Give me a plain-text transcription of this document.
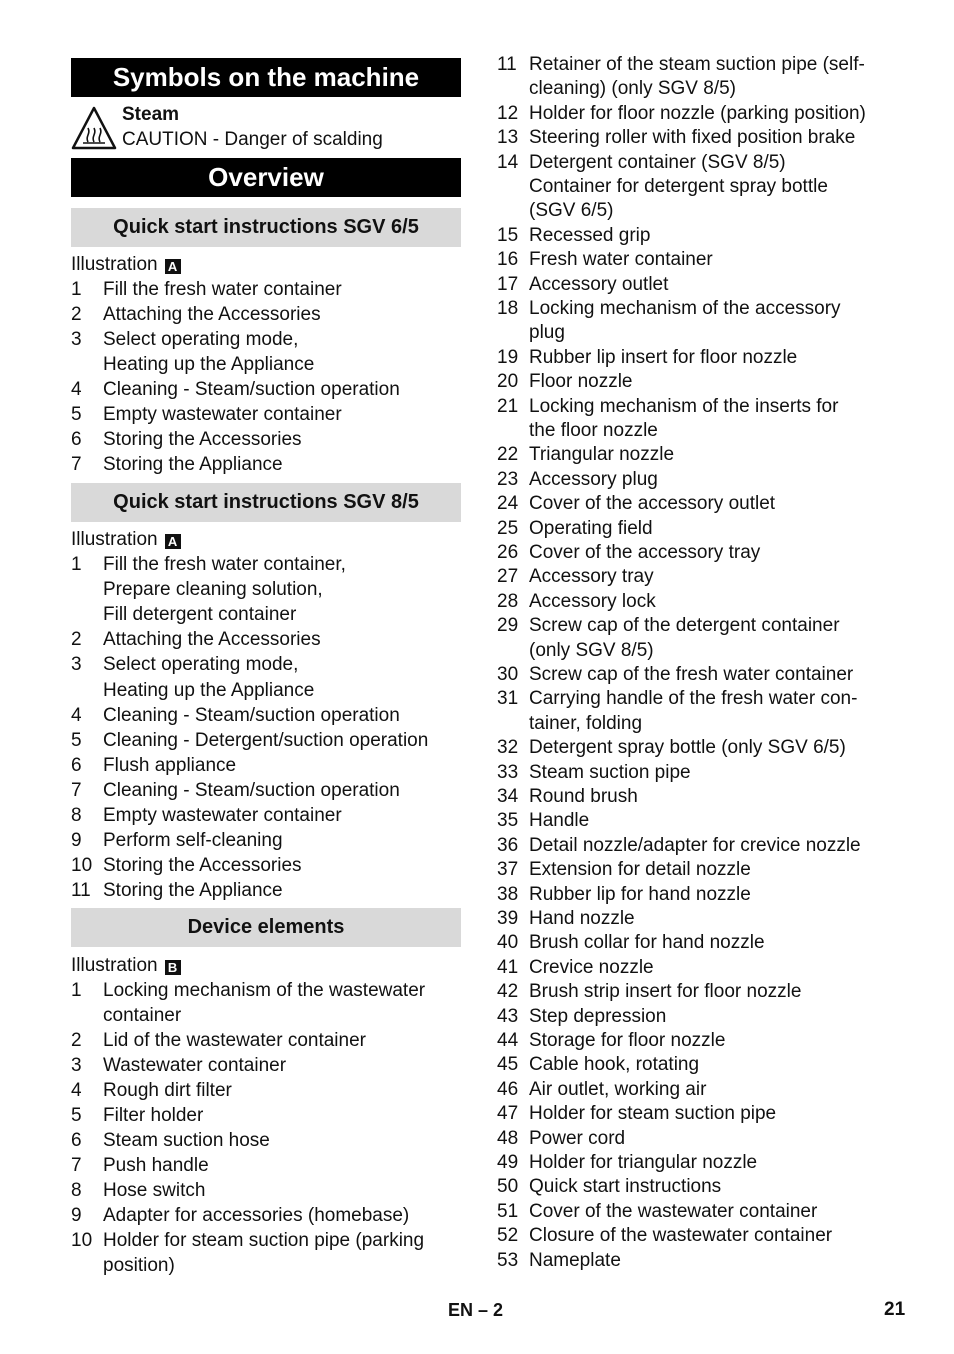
Symbols on the machine
Steam
CAUTION - Danger of scalding
Overview
Quick start instructions SGV 6/5
Illustration A
1	Fill the fresh water container
2	Attaching the Accessories
3	Select operating mode,
Heating up the Appliance
4	Cleaning - Steam/suction operation
5	Empty wastewater container
6	Storing the Accessories
7	Storing the Appliance
Quick start instructions SGV 8/5
Illustration A
1	Fill the fresh water container,
Prepare cleaning solution,
Fill detergent container
2	Attaching the Accessories
3	Select operating mode,
Heating up the Appliance
4	Cleaning - Steam/suction operation
5	Cleaning - Detergent/suction operation
6	Flush appliance
7	Cleaning - Steam/suction operation
8	Empty wastewater container
9	Perform self-cleaning
10 Storing the Accessories
11 Storing the Appliance
Device elements
Illustration B
1	Locking mechanism of the wastewater
container
2	Lid of the wastewater container
3	Wastewater container
4	Rough dirt filter
5	Filter holder
6	Steam suction hose
7	Push handle
8	Hose switch
9	Adapter for accessories (homebase)
10 Holder for steam suction pipe (parking
position)
11 Retainer of the steam suction pipe (self-
cleaning) (only SGV 8/5)
12 Holder for floor nozzle (parking position)
13 Steering roller with fixed position brake
14 Detergent container (SGV 8/5)
Container for detergent spray bottle
(SGV 6/5)
15 Recessed grip
16 Fresh water container
17 Accessory outlet
18 Locking mechanism of the accessory
plug
19 Rubber lip insert for floor nozzle
20 Floor nozzle
21 Locking mechanism of the inserts for
the floor nozzle
22 Triangular nozzle
23 Accessory plug
24 Cover of the accessory outlet
25 Operating field
26 Cover of the accessory tray
27 Accessory tray
28 Accessory lock
29 Screw cap of the detergent container
(only SGV 8/5)
30 Screw cap of the fresh water container
31 Carrying handle of the fresh water con-
tainer, folding
32 Detergent spray bottle (only SGV 6/5)
33 Steam suction pipe
34 Round brush
35 Handle
36 Detail nozzle/adapter for crevice nozzle
37 Extension for detail nozzle
38 Rubber lip for hand nozzle
39 Hand nozzle
40 Brush collar for hand nozzle
41 Crevice nozzle
42 Brush strip insert for floor nozzle
43 Step depression
44 Storage for floor nozzle
45 Cable hook, rotating
46 Air outlet, working air
47 Holder for steam suction pipe
48 Power cord
49 Holder for triangular nozzle
50 Quick start instructions
51 Cover of the wastewater container
52 Closure of the wastewater container
53 Nameplate
EN – 2	21
